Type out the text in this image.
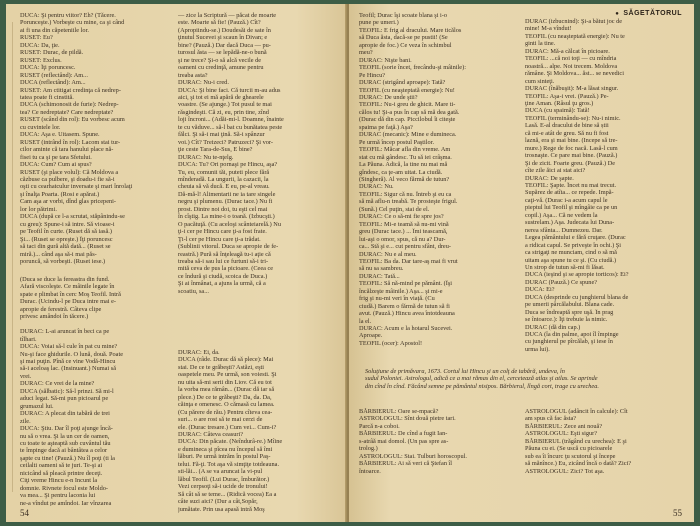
DUCA: Şi pentru viitor? Eh? (Tăcere.
Porunceşte.) Vorbeşte cu mine, ca şi când
ai fi una din căpeteniile lor.
RUSET: Eu?
DUCA: Da, ţie.
RUSET: Durac, de pildă.
RUSET: Exclus.
DUCA: Îţi poruncesc.
RUSET (reflectând): Am...
DUCA (reflectând): Am...
RUSET: Am ctitigat credinţa că nedrep-
tatea poate fi cinstită.
DUCA (schimonosit de furie): Nedrep-
tea? Ce nedreptate? Care nedreptate?
RUSET (scând din rol): Eu vorbesc acum
cu cuvintele lor.
DUCA: Aşa e. Uitasem. Spune.
RUSET (intrând în rol): Lacom stai tur-
cilor aminte că tara hanului place nă-
fisei tu ca şi pe tara Sfetului.
DUCA: Cum? Cum ai spus?
RUSET (şi place volul): Că Moldova a
căzbuse ca pulbere, şi doadu-i fie să-i
oşti cu cearhatculur inversate şi mari înrolaţi
şi înalţa Poarta. (Rosi e apărat.)
Cam aşa ar vorbi, dînd glas pricepeni-
lor lor pătrimi.
DUCA (după ce l-a scrutat, stăpânindu-se
cu greu): Spune-i să intre. Să vioase-i
pe Teofil în curte. (Ruset dă să iasă.)
Şi... (Ruset se opreşte.) Îţi poruncesc
să taci din gură altă dată... (Ruset se
miră.)... când aşa să-i mai păs-
poruncă, să vorbeşti. (Ruset iese.)
— zice la Scriptură — păcat de moarte
este. Moarte să fie! (Pauză.) Cît?
(Apropiindu-se.) Doudesăi de sate în
ţinutul Sucevei şi scaun în Divan; e
bine? (Pauză.) Dar dacă Duca — pu-
turosul ăsta — se lepădă-ne-o bună
şi ne trece? Şi-o să alcă vecile de
oameni cu credinţă, amune pentru
treaba asta?
DURAC: Nu-i cred.
DUCA: Şi bine faci. Că turcii m-au adus
aici, şi tot ei mă apără de ghearele
voastre. (Se ajunge.) Tot pusul te mai
răsgindeşti. Că zi, eu, prin tine, zînd
loji încroni... (Adăi-mi-l. Doamne, înainte
te cu văduve... să-l bat cu bunătatea peste
fălci. Şi să-i mai ţină. Să-i spânzur
voi.) Cît? Treizeci? Patruzeci? Şi vor-
ţie ceste Tara-de-Sus, E bine?
DURAC: Nu te-nţelg.
DUCA: Tu? Ori pornaşi pe Hincu, aşa?
Tu, eu, comunii tăi, puteti plece fără
mînderadă. La ungurii, la cazacii, la
cheuia să vă ducă. E eu, pe-al vreau.
Dă-mă-l! Alimentarii ne ia tare singele
negru şi plumenu. (Durac tace.) Nu fi
prost. Dintre noi doi, tu eşti cel mai
în cîştig. La mine-i o toană. (Izbucşti.)
O pacătuţă. (Cu aceloşi scânteiarelă.) Nu
ţi-i cer pe Hincu care ţi-a fost frate.
Ţi-l cer pe Hincu care ţi-a trădat.
(Sublinii vitorul. Duca se apropie de fe-
reastră.) Pură să înţeleagă tu-i aţie că
treaba să-i sau lui ce furtuni să-i tri-
mită ceva de pus la picioare. (Ceea ce
ce îndură şi ciudă, scoica de Duca.)
Şi ai înmânat, a ajuns la urmă, că a
scoatiu, sa...
(Duca se duce la fereastra din fund.
Afară viscoleşte. Ce mâinile legate în
spate e plimbat în cerc Moş Teofil. Intră
Durac. (Ucindu-l pe Duca intre mai e-
apropie de ferestră. Câteva clipe
privesc amândoi în tăcere.)

DURAC: L-ai aruncat în beci ca pe
tîlhari.
DUCA: Voiai să-l cule în pat cu mine?
Nu-şi face ghidurile. O lună, două. Poate
şi mai puţin. Pînă ce vine Vodă-Hincu
să-i aceloaş lac. (Insinuant.) Numai să
vrei.
DURAC: Ce vrei de la mine?
DUCA (sălbatic): Să-l prinzi. Să mi-l
aduci legat. Să-mi pun picioarul pe
grumazul lui.
DURAC: A plecat din tabără de trei
zile.
DUCA: Ştiu. Dar îl poţi ajunge încă-
nu să o vrea. Şi la un cer de oamen,
cu toate te aşteaptă sub cuvântul tău
te împinge dacă ai bântâtea a celor
şapte cu tine! (Pauză.) Nu îl poţi (ti la
ceilalti oameni să te juri. Te-şi ai
nicicând să pleacă printre deceţi.
Ciţi vreme Hincu e-n Incunt la
domnie. Rivnete focul este Moldo-
va mea... Şi pentru laconia lui
ne-a vîndut pe amîndoi. Iar vînzarea
DURAC: Ei, da.
DUCA (râde. Durac dă să plece): Mai
stai. De ce te grăbeşti? Astăzi, eşti
oaspetele meu. Pe urmă, son voiesti. Şi
nu uita să-mi serii din Liov. Că eu tot
la vorba mea rămân... (Durac dă iar să
plece.) De ce te grăbeşti? Da, da. Da,
căinţa e omenesc. O cămasă cu lamea.
(Cu părere de rău.) Pentru cîteva cea-
suri... o are rost să te mai cerzi de
ele. (Durac tresare.) Cum vei... Cum-i?
DURAC: Câteva ceasuri?
DUCA: Din păcate. (Neîndurâ-re.) Mîine
e dumineca şi pîcea nu începul să îmi
lăburi. Pe urmă intrăm în postul Paş-
telui. Fă-ţi. Tot aşa vă simţiţe totdeauna.
sti-lăi... (A se va aruncat la vi-pul
lăbul Teofil. (Lui Durac, îmburător.)
Vezi cerpsoţi să-i ucide de tronului!
Să cât să se teme... (Ridică vocea) Ea a
câte suzi aici? (Dur a cât,Sopăr,
jumătate. Prin usa apasă intră Moş
54
● SĂGETĂTORUL
Teofil; Durac îşi scoate blana şi i-o
pune pe umeri.)
TEOFIL: E frig al dracului. Mare ticălos
să Duca ăsta, dacă-se pe pustii! (Se
apropie de foc.) Ce veza în schimbul
meu?
DURAC: Nişte bani.
TEOFIL (sorie încet, frecându-şi mâinile):
Pe Hincu?
DURAC (strigând aproape): Tată?
TEOFIL (cu neaşteptată energie): Nu!
DURAC: De unde ştii?
TEOFIL: Nu-i greu de ghicit. Mare ti-
călos tu! Şi-a pus în cap să mă dea gată.
(Durac dă din cap. Piccilobul îi citeşte
spaima pe faţă.) Aşa?
DURAC (mecanic): Mine e dumineca.
Pe urmă încep postul Paştilor.
TEOFIL: Măcar afla din vreme. Am
stat cu mă gândesc. Tu să iei crâşma.
La Păuna. Adică, la tine nu mai mă
gîndesc, ca ţe-am uitat. La ciudă.
(Singheră). Al veco fărmă de tutun?
DURAC: Nu.
TEOFIL: Sigur că nu. Întreb şi eu ca
să mă aflu-n treabă. Te prosteşte frigul.
(Sună.) Cel puţin, stai de el.
DURAC: Ce o să-mi fie spre jos?
TEOFIL: Mi-e teamă să nu-mi vină
greu (Durac tace.) ... Îmi teascamă,
lui-aşi o omor, spus, că nu a? Dur-
ca... Stă şi e... cut pentru sfânt, dreu-
DURAC: Nu e al meu.
TEOFIL: Ba da. Dar tare-aş mai fi vrut
să nu sa sambreu.
DURAC: Tată...
TEOFIL: Să nă-mind pe pământ. (Îşi
încălzeşte mâinile.) Aşa... şi mi-e
frig şi nu-mi veri în viață. (Cu
ciudă.) Barem o fărmă de tutun să fi
avut. (Pauză.) Hincu avea întotdeauna
la el.
DURAC: Acum e la hotarul Sucevei.
Aproape.
TEOFIL (ocer): Apostol!
DURAC (izbucnind): Şi-a bătut joc de
mine! M-a vîndut!
TEOFIL (cu neaşteptată energie): Nu te
ginti la tine.
DURAC: Mă-a călcat în picioare.
TEOFIL: ...că noi toţi — cu mîndria
noastră... alpe. Noi trecem. Moldova
rămâne. Şi Moldova... ăst... se nevedici
cum sinteţi.
DURAC (înăbuşit): M-a lăsat singur.
TEOFIL: Aşa-i vrei. (Pauză.) Pe-
ţine Aman. (Râsul ţu gros.)
DUCA (cu spaimă): Tată!
TEOFIL (terminându-se): Nu-i nimic.
Lasă. E-al dracului de bine să știi
că mi-e atât de greu. Să nu fi fost
laznă, era şi mai bine. (Incepe să tre-
mure.) Rege de foc nacă. Lasă-l cum
trosnaşte. Ce pare mai bine. (Pauză.)
Şi de zicit. Foarte greu. (Pauză.) De
cîte zile ăici ai stat aici?
DURAC: De şapte.
TEOFIL: Şapte. Încet nu mai trecut.
Supărez de atîta... ce repede. Impă-
caţi-vă. (Durac i-a acum capul le
pieptul lui Teofil şi mîngâie ca pe un
copil.) Aşa... Că ne vedem la
sustrelam.) Aşa. Judecata lui Duna-
nerea sfânta... Dumnezeu. Dar.
Legea pământului e fără cruţare. (Durac
a ridicat capul. Se priveşte în ochi.) Şi
ca strigaţi ne munciam, cind o să mă
uitam aşa spune tu ce şi. (Cu ciudă.)
Un strop de tutun să-mi fi lăsat.
DUCA (ieşind şi se apropie torticos): Ei?
DURAC (Pauză.) Ce spune?
DUCA: Ei?
DUCA (desprinde cu junghierul blana de
pe umerii pârcălabului. Blana cade.
Duca se îndreaptă spre uşă. În prag
se întoarce.): Îţi trebuie la nimic.
DURAC (dă din cap.)
DUCA (îa din palme, apoi îl împinge
cu junghierul pe pîrcălab, şi iese în
urma lui).
Soluţiune de primăvara, 1673. Cortul lui Hincu şi un colţ de tabără, undeva, în
sudul Poloniei. Astrologul, adică ce a mai rămas din el, cercetează atlas şi atlas. Se aprinde
din cînd în cînd. Făcând semne pe pământul nisipos. Bărbierul, lîngă cort, trage cu urechea.
BĂRBIERUL: Oare se-mpacă?
ASTROLOGUL: Sînt două pietre tari.
Parcă n-a coboi.
BĂRBIERUL: De cînd a fugit Ian-
s-atrâă mai domol. (Un pas spre as-
trolog.)
ASTROLOGUL: Stai. Tulburi horoscopul.
BĂRBIERUL: Ai să veri că Ştefan îl
întoarce.
ASTROLOGUL (adâncit în calcule): Cît
am spus că fac ăsta?
BĂRBIERUL: Zece ani nouă?
ASTROLOGUL: Eşti sigur?
BĂRBIERUL (trăgând cu urechea): E şi
Păuna cu ei. (Se uscă cu picioarele
sub ea îi încurc ţu scutorul şi începe
să mănînce.) Eu, zicând încă o dată? Zici?
ASTROLOGUL: Zici? Tot aşa.
55
